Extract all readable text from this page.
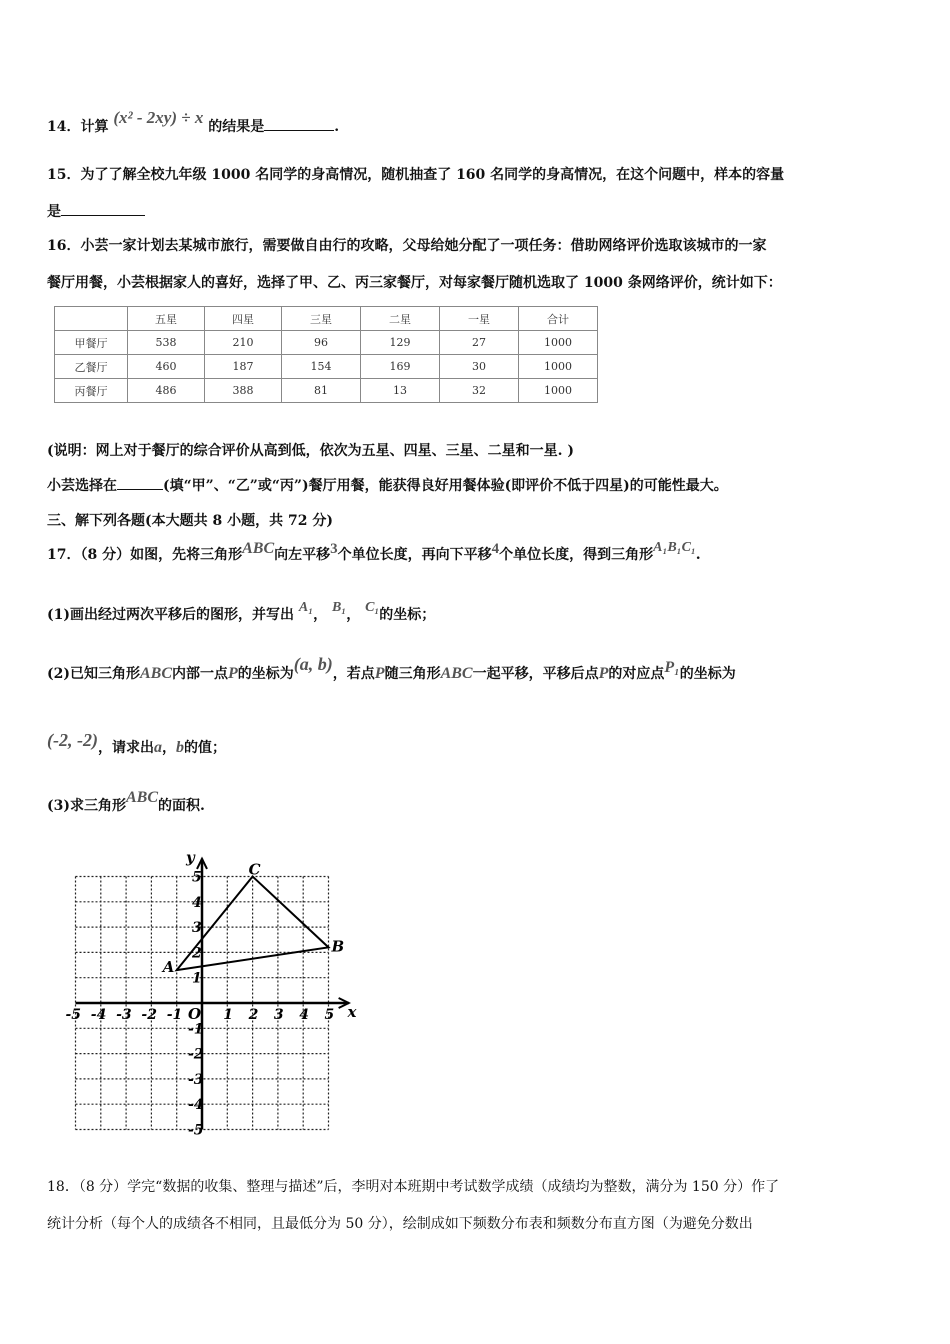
14．计算 (x² - 2xy) ÷ x 的结果是	.
15．为了了解全校九年级 1000 名同学的身高情况，随机抽查了 160 名同学的身高情况，在这个问题中，样本的容量
是
16．小芸一家计划去某城市旅行，需要做自由行的攻略，父母给她分配了一项任务：借助网络评价选取该城市的一家
餐厅用餐，小芸根据家人的喜好，选择了甲、乙、丙三家餐厅，对每家餐厅随机选取了 1000 条网络评价，统计如下：
	五星	四星	三星	二星	一星	合计
甲餐厅	538	210	96	129	27	1000
乙餐厅	460	187	154	169	30	1000
丙餐厅	486	388	81	13	32	1000
(说明：网上对于餐厅的综合评价从高到低，依次为五星、四星、三星、二星和一星. )
小芸选择在	(填“甲”、“乙”或“丙”)餐厅用餐，能获得良好用餐体验(即评价不低于四星)的可能性最大。
三、解下列各题(本大题共 8 小题，共 72 分)
17．（8 分）如图，先将三角形ABC向左平移3个单位长度，再向下平移4个单位长度，得到三角形A₁B₁C₁.
(1)画出经过两次平移后的图形，并写出 A₁， B₁， C₁的坐标；
(2)已知三角形ABC内部一点P的坐标为(a, b)，若点P随三角形ABC一起平移，平移后点P的对应点P₁的坐标为
(-2, -2)，请求出a，b的值；
(3)求三角形ABC的面积.
x
y
O
-5 -4 -3 -2 -1	1 2 3 4 5
5
4
3
2
1
-1
-2
-3
-4
-5
A
B
C
18．（8 分）学完“数据的收集、整理与描述”后，李明对本班期中考试数学成绩（成绩均为整数，满分为 150 分）作了
统计分析（每个人的成绩各不相同，且最低分为 50 分），绘制成如下频数分布表和频数分布直方图（为避免分数出
